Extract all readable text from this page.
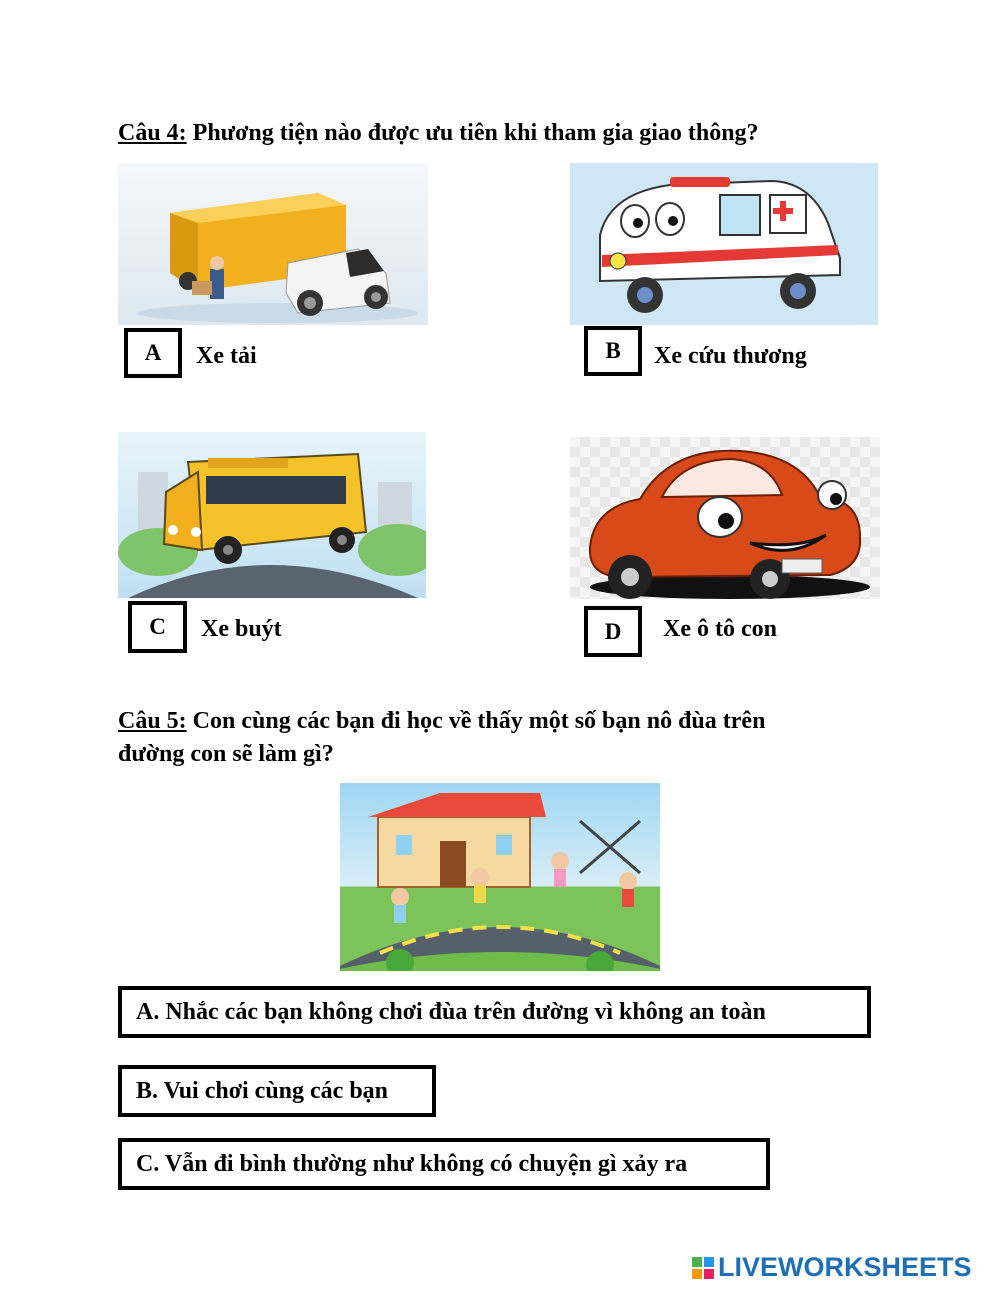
Câu 4: Phương tiện nào được ưu tiên khi tham gia giao thông?
A Xe tải	B Xe cứu thương
C Xe buýt	D Xe ô tô con
Câu 5: Con cùng các bạn đi học về thấy một số bạn nô đùa trên
đường con sẽ làm gì?
A. Nhắc các bạn không chơi đùa trên đường vì không an toàn
B. Vui chơi cùng các bạn
C. Vẫn đi bình thường như không có chuyện gì xảy ra
LIVEWORKSHEETS
